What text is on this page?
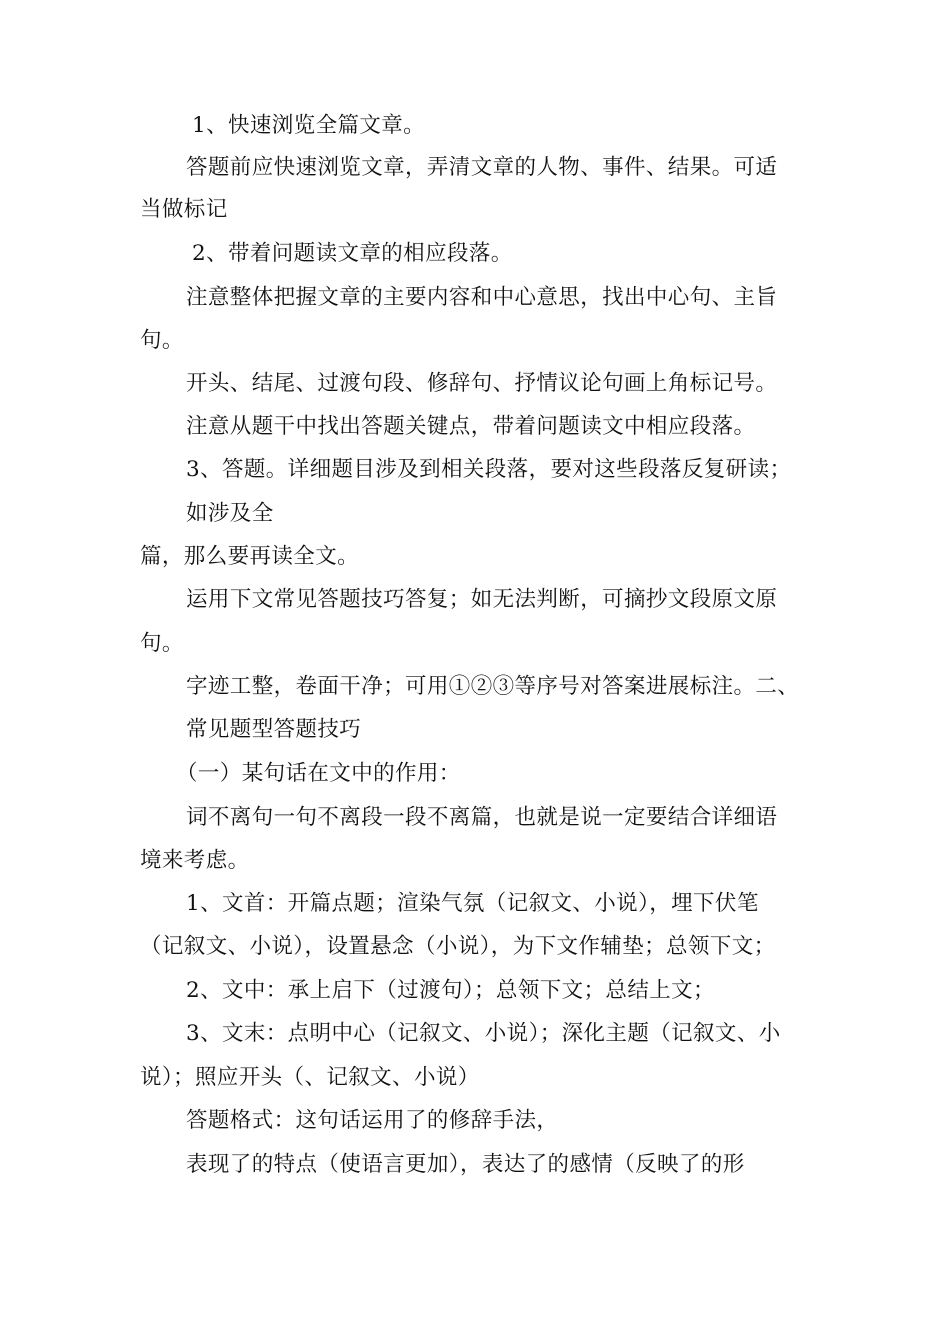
1、快速浏览全篇文章。
答题前应快速浏览文章，弄清文章的人物、事件、结果。可适
当做标记
2、带着问题读文章的相应段落。
注意整体把握文章的主要内容和中心意思，找出中心句、主旨
句。
开头、结尾、过渡句段、修辞句、抒情议论句画上角标记号。
注意从题干中找出答题关键点，带着问题读文中相应段落。
3、答题。详细题目涉及到相关段落，要对这些段落反复研读；
如涉及全
篇，那么要再读全文。
运用下文常见答题技巧答复；如无法判断，可摘抄文段原文原
句。
字迹工整，卷面干净；可用①②③等序号对答案进展标注。二、
常见题型答题技巧
（一）某句话在文中的作用：
词不离句一句不离段一段不离篇，也就是说一定要结合详细语
境来考虑。
1、文首：开篇点题；渲染气氛（记叙文、小说），埋下伏笔
（记叙文、小说），设置悬念（小说），为下文作辅垫；总领下文；
2、文中：承上启下（过渡句）；总领下文；总结上文；
3、文末：点明中心（记叙文、小说）；深化主题（记叙文、小
说）；照应开头（、记叙文、小说）
答题格式：这句话运用了的修辞手法，
表现了的特点（使语言更加），表达了的感情（反映了的形
